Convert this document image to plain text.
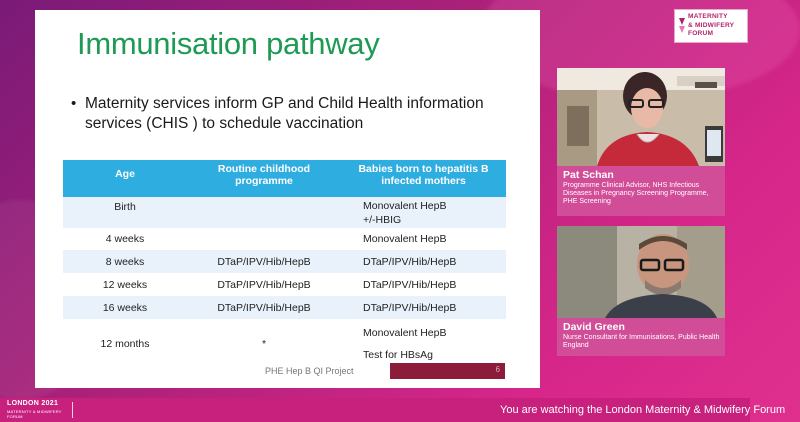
Immunisation pathway
• Maternity services inform GP and Child Health information services (CHIS ) to schedule vaccination
Age	Routine childhood programme	Babies born to hepatitis B infected mothers
Birth		Monovalent HepB
+/-HBIG

4 weeks		Monovalent HepB
8 weeks	DTaP/IPV/Hib/HepB	DTaP/IPV/Hib/HepB
12 weeks	DTaP/IPV/Hib/HepB	DTaP/IPV/Hib/HepB
16 weeks	DTaP/IPV/Hib/HepB	DTaP/IPV/Hib/HepB
12 months	*	Monovalent HepB
Test for HBsAg
PHE Hep B QI Project	6
MATERNITY
& MIDWIFERY
FORUM
Pat Schan
Programme Clinical Advisor, NHS Infectious Diseases in Pregnancy Screening Programme, PHE Screening
David Green
Nurse Consultant for Immunisations, Public Health England
LONDON 2021
MATERNITY & MIDWIFERY FORUM
You are watching the London Maternity & Midwifery Forum
